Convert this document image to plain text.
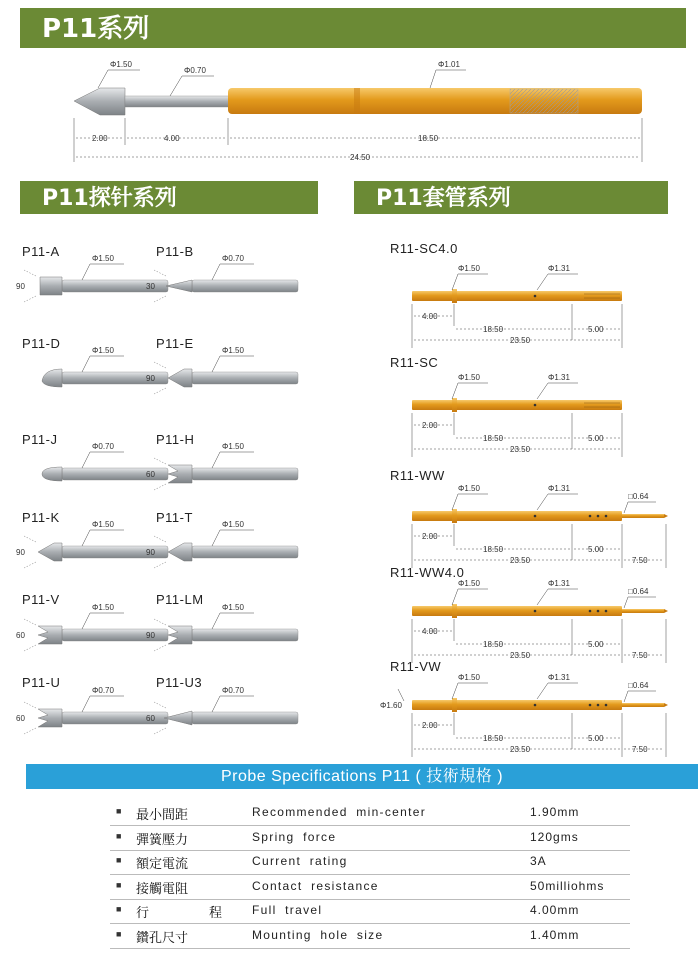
P11系列
P11探针系列	P11套管系列
Φ1.50
Φ0.70
Φ1.01
2.00	4.00	18.50
24.50
Φ1.50
90
Φ0.70
30
Φ1.50	Φ1.50
90
Φ0.70	Φ1.50
60
Φ1.50
90
Φ1.50
90
Φ1.50
60
Φ1.50
90
Φ0.70
60
Φ0.70
60
Φ1.50	Φ1.31
4.00
18.50	5.00
23.50
Φ1.50	Φ1.31
2.00
18.50	5.00
23.50
Φ1.50	Φ1.31
□0.64
2.00
18.50	5.00
23.50	7.50
Φ1.50	Φ1.31
□0.64
4.00
18.50	5.00
23.50	7.50
Φ1.50	Φ1.31
□0.64
Φ1.60
2.00
18.50	5.00
23.50	7.50
P11-A	P11-B
P11-D	P11-E
P11-J	P11-H
P11-K	P11-T
P11-V	P11-LM
P11-U	P11-U3
R11-SC4.0
R11-SC
R11-WW
R11-WW4.0
R11-VW
Probe Specifications P11 ( 技術規格 )
■ 最小間距	Recommended min-center	1.90mm
■ 彈簧壓力	Spring force	120gms
■ 額定電流	Current rating	3A
■ 接觸電阻	Contact resistance	50milliohms
■ 行程	Full travel	4.00mm
■ 鑽孔尺寸	Mounting hole size	1.40mm
